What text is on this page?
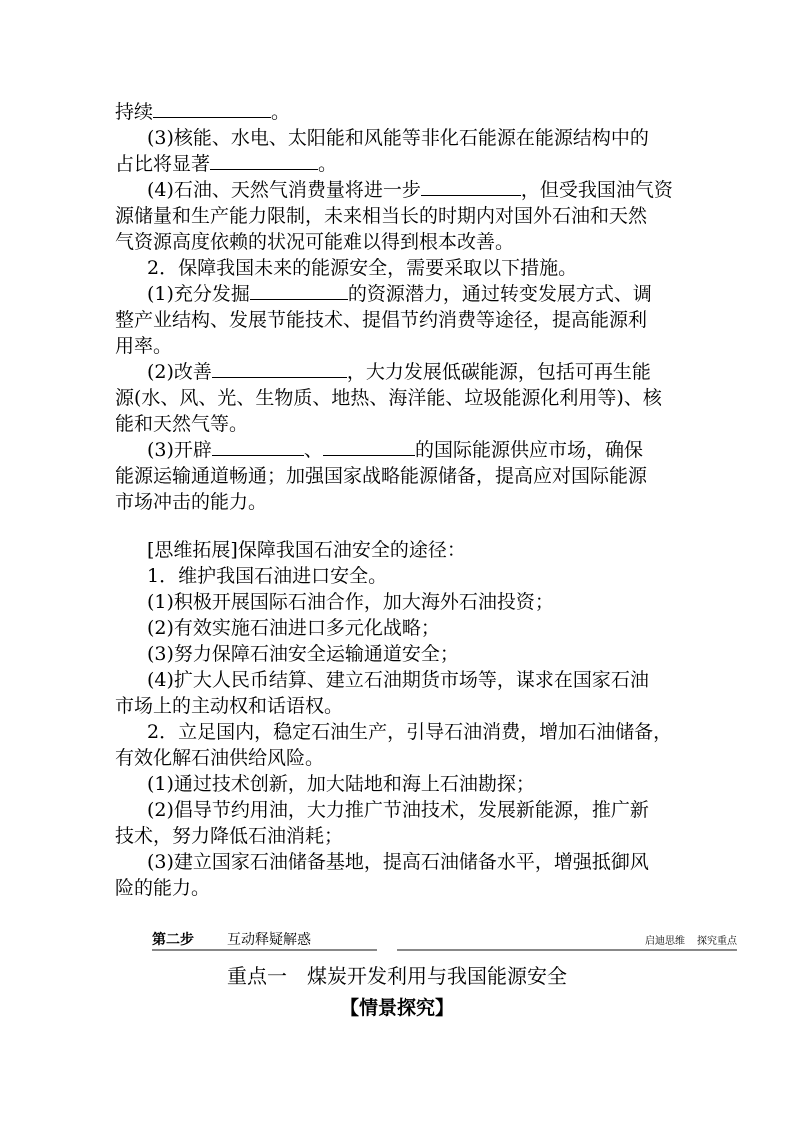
持续	。
(3)核能、水电、太阳能和风能等非化石能源在能源结构中的
占比将显著	。
(4)石油、天然气消费量将进一步	，但受我国油气资
源储量和生产能力限制，未来相当长的时期内对国外石油和天然
气资源高度依赖的状况可能难以得到根本改善。
2．保障我国未来的能源安全，需要采取以下措施。
(1)充分发掘	的资源潜力，通过转变发展方式、调
整产业结构、发展节能技术、提倡节约消费等途径，提高能源利
用率。
(2)改善	，大力发展低碳能源，包括可再生能
源(水、风、光、生物质、地热、海洋能、垃圾能源化利用等)、核
能和天然气等。
(3)开辟	、	的国际能源供应市场，确保
能源运输通道畅通；加强国家战略能源储备，提高应对国际能源
市场冲击的能力。
[思维拓展]保障我国石油安全的途径：
1．维护我国石油进口安全。
(1)积极开展国际石油合作，加大海外石油投资；
(2)有效实施石油进口多元化战略；
(3)努力保障石油安全运输通道安全；
(4)扩大人民币结算、建立石油期货市场等，谋求在国家石油
市场上的主动权和话语权。
2．立足国内，稳定石油生产，引导石油消费，增加石油储备，
有效化解石油供给风险。
(1)通过技术创新，加大陆地和海上石油勘探；
(2)倡导节约用油，大力推广节油技术，发展新能源，推广新
技术，努力降低石油消耗；
(3)建立国家石油储备基地，提高石油储备水平，增强抵御风
险的能力。
第二步 互动释疑解惑	启迪思维 探究重点
重点一　煤炭开发利用与我国能源安全
【情景探究】
